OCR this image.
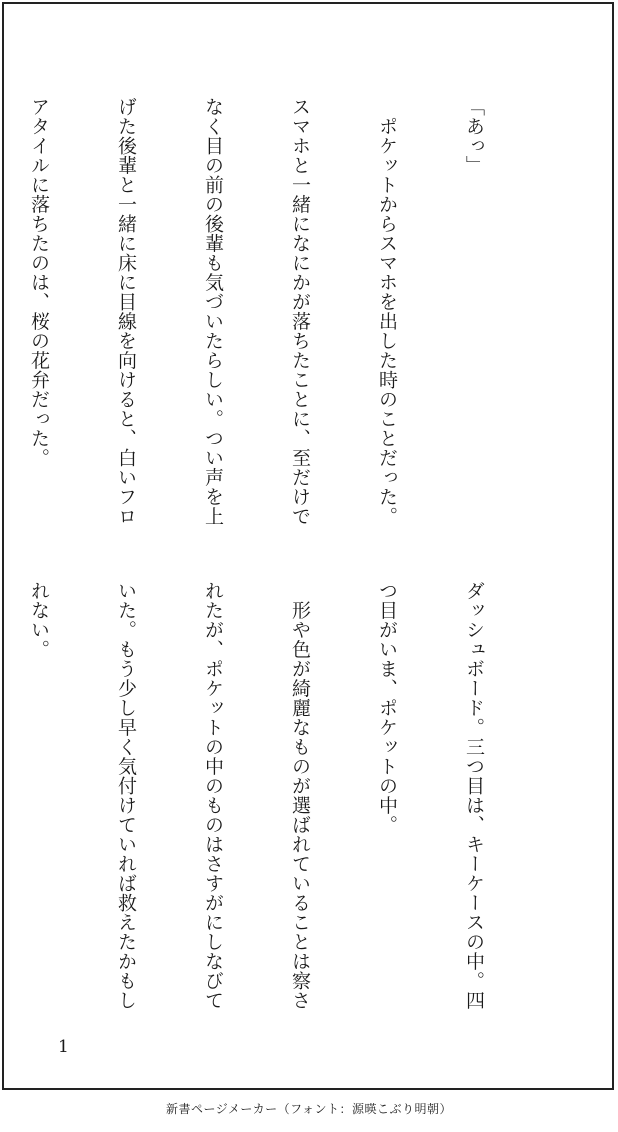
「あっ」

　ポケットからスマホを出した時のことだった。

スマホと一緒になにかが落ちたことに、至だけで

なく目の前の後輩も気づいたらしい。つい声を上

げた後輩と一緒に床に目線を向けると、白いフロ

アタイルに落ちたのは、桜の花弁だった。

ダッシュボード。三つ目は、キーケースの中。四

つ目がいま、ポケットの中。

　形や色が綺麗なものが選ばれていることは察さ

れたが、ポケットの中のものはさすがにしなびて

いた。もう少し早く気付けていれば救えたかもし

れない。

1
新書ページメーカー（フォント：源暎こぶり明朝）
